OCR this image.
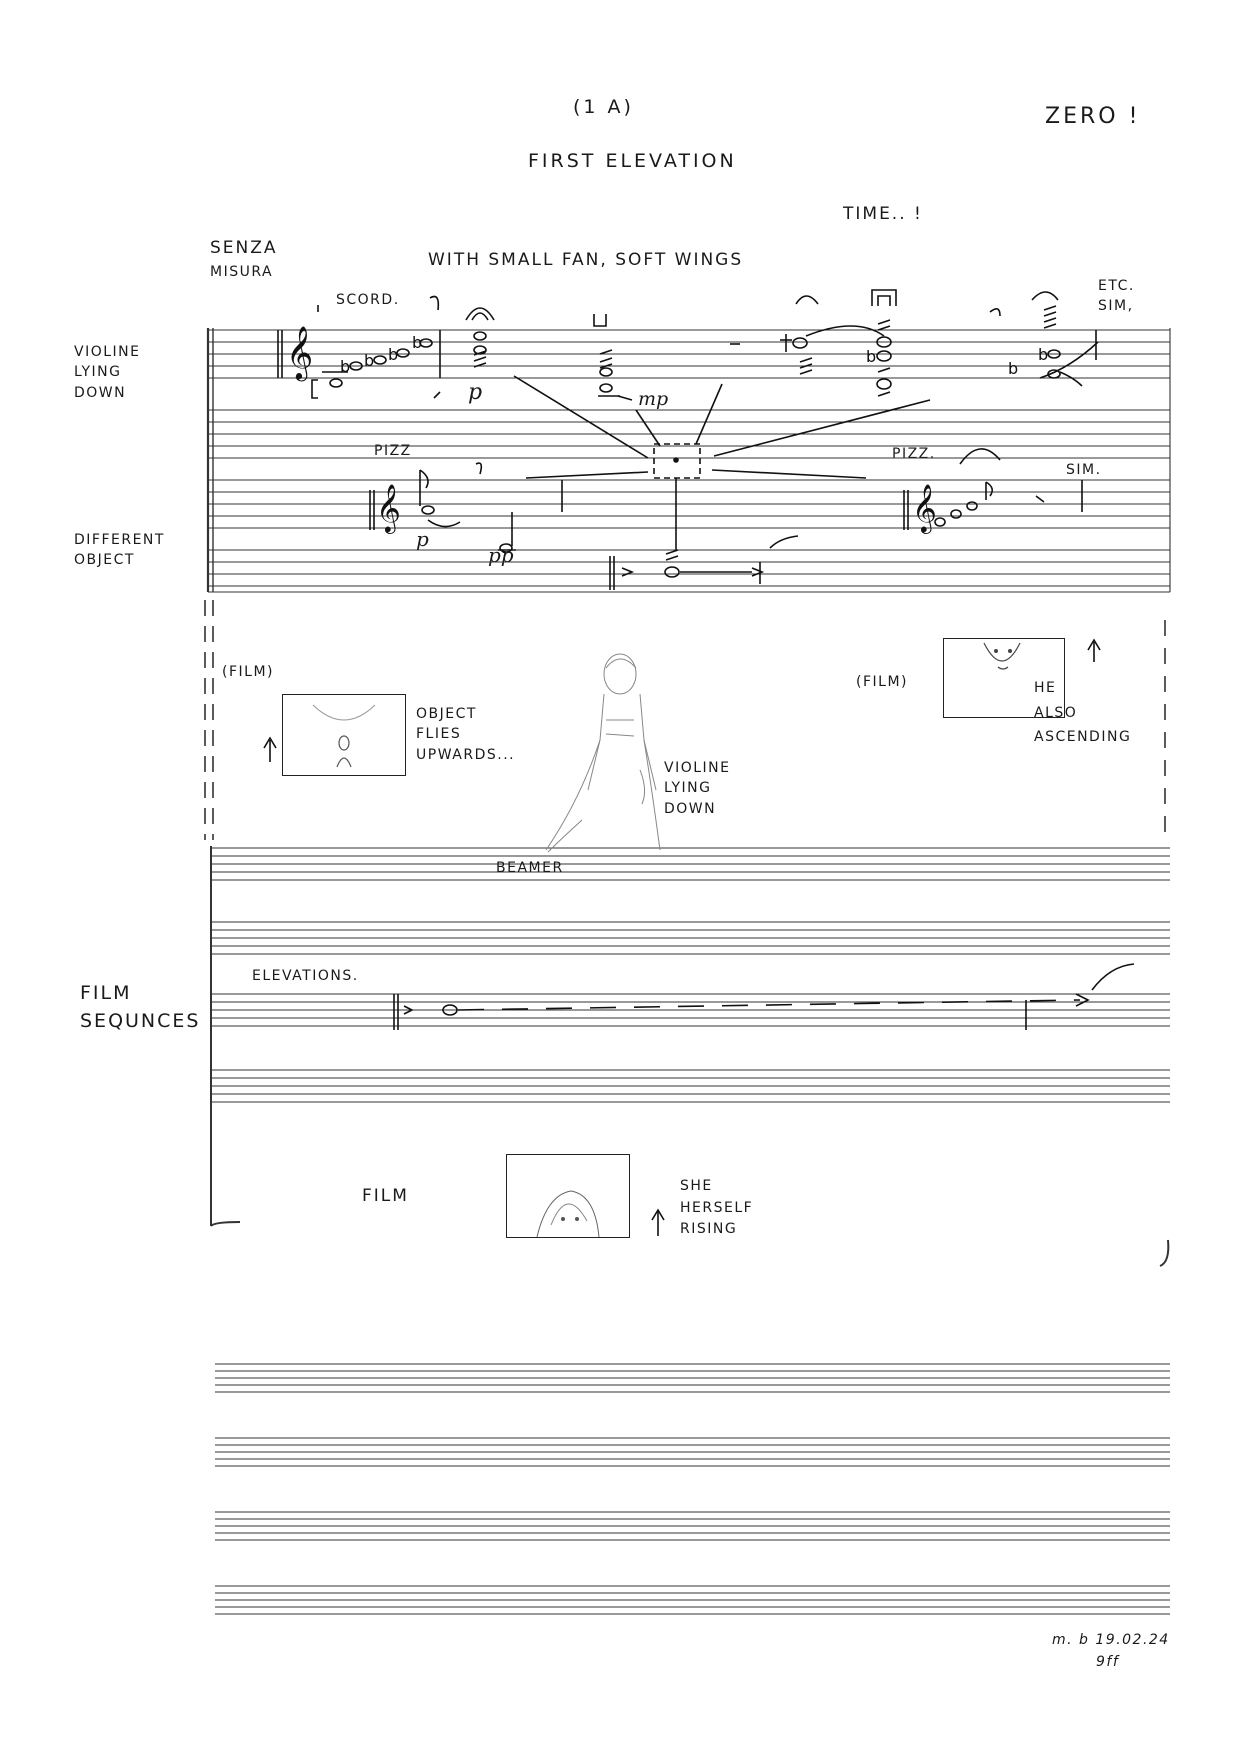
(1 A)
FIRST ELEVATION
ZERO !
TIME.. !
SENZA
MISURA
WITH SMALL FAN, SOFT WINGS
VIOLINE
LYING
DOWN
DIFFERENT
OBJECT
FILM
SEQUNCES
SCORD.
ETC.
SIM,
PIZZ	PIZZ.
SIM.
p	mp
p
pp
𝄞 b b b
b
b	b
b
𝄞	𝄞
(FILM)
OBJECT
FLIES
UPWARDS...
VIOLINE
LYING
DOWN
(FILM)	HE
ALSO
ASCENDING
BEAMER
ELEVATIONS.
FILM	SHE
HERSELF
RISING
m. b 19.02.24
9ff
